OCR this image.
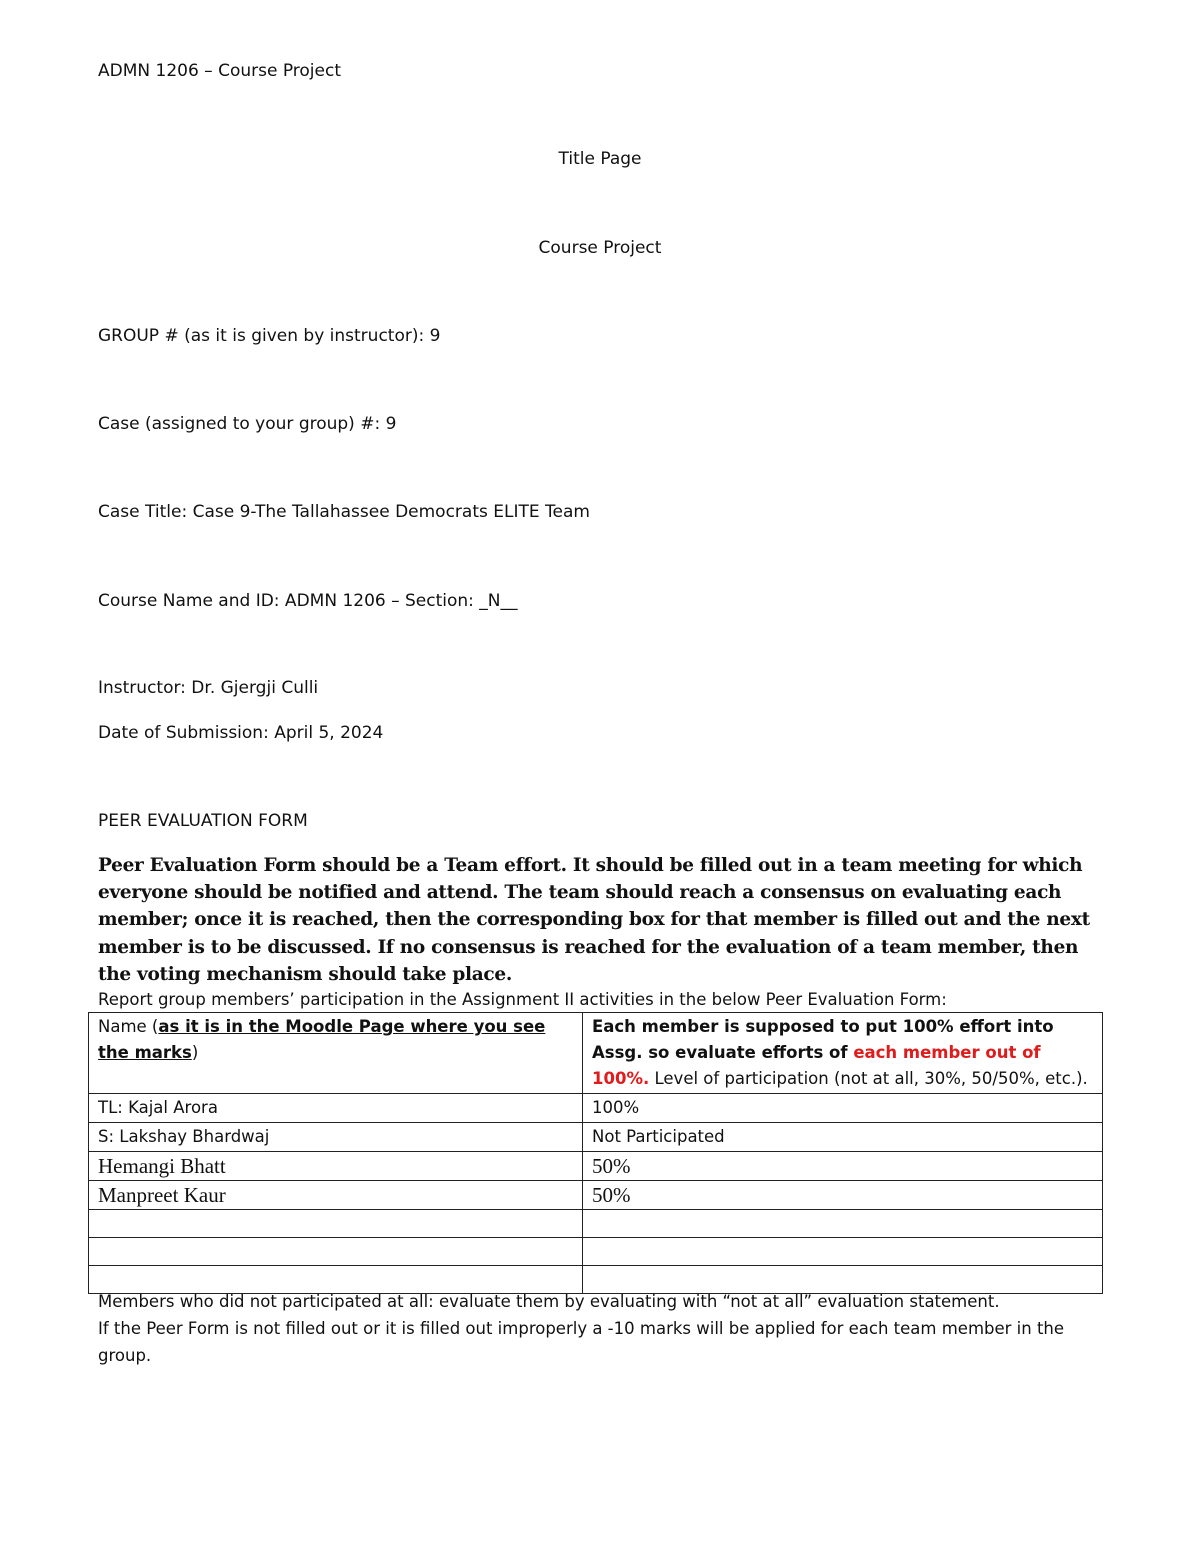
ADMN 1206 – Course Project
Title Page
Course Project
GROUP # (as it is given by instructor): 9
Case (assigned to your group) #: 9
Case Title: Case 9-The Tallahassee Democrats ELITE Team
Course Name and ID: ADMN 1206 – Section: _N__
Instructor: Dr. Gjergji Culli
Date of Submission: April 5, 2024
PEER EVALUATION FORM
Peer Evaluation Form should be a Team effort. It should be filled out in a team meeting for which everyone should be notified and attend. The team should reach a consensus on evaluating each member; once it is reached, then the corresponding box for that member is filled out and the next member is to be discussed. If no consensus is reached for the evaluation of a team member, then the voting mechanism should take place.
Report group members’ participation in the Assignment II activities in the below Peer Evaluation Form:
Name (as it is in the Moodle Page where you see the marks)	Each member is supposed to put 100% effort into Assg. so evaluate efforts of each member out of 100%. Level of participation (not at all, 30%, 50/50%, etc.).
TL: Kajal Arora	100%
S: Lakshay Bhardwaj	Not Participated
Hemangi Bhatt	50%
Manpreet Kaur	50%

Members who did not participated at all: evaluate them by evaluating with “not at all” evaluation statement.
If the Peer Form is not filled out or it is filled out improperly a -10 marks will be applied for each team member in the group.
